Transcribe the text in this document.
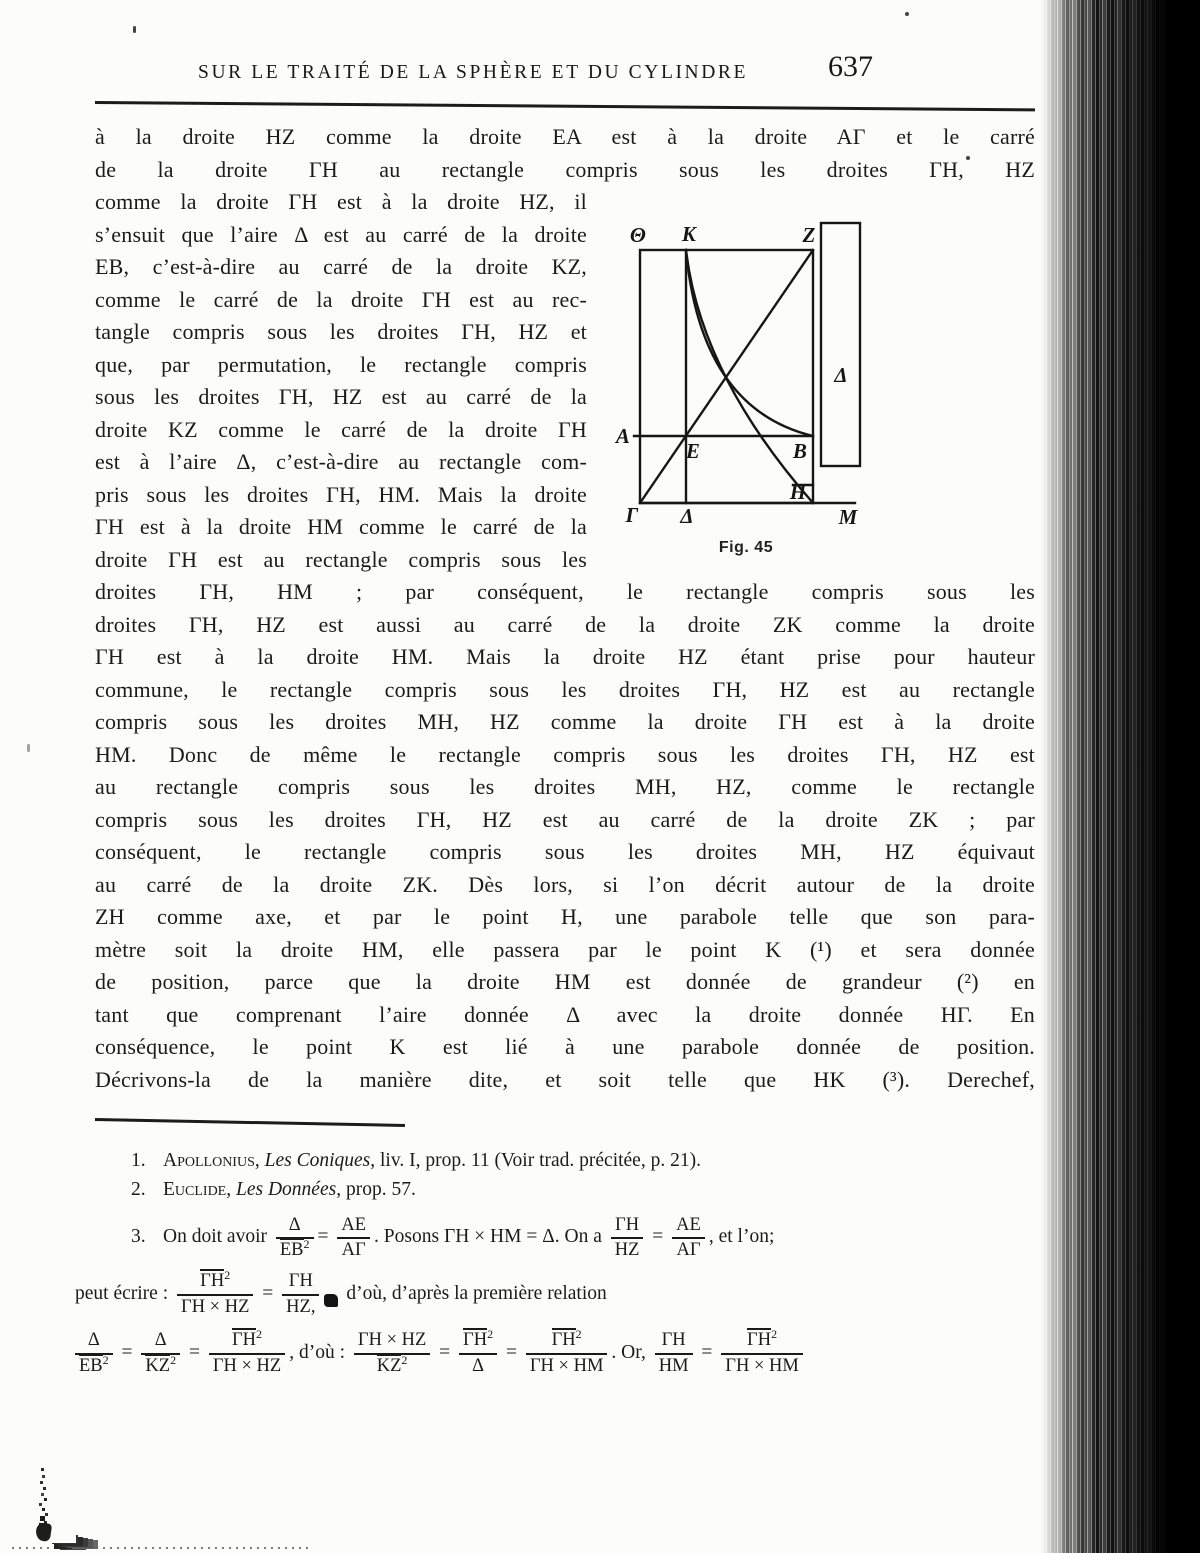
SUR LE TRAITÉ DE LA SPHÈRE ET DU CYLINDRE	637
à la droite HZ comme la droite EA est à la droite AΓ et le carré
de la droite ΓH au rectangle compris sous les droites ΓH, HZ
comme la droite ΓH est à la droite HZ, il
s’ensuit que l’aire Δ est au carré de la droite
EB, c’est-à-dire au carré de la droite KZ,
comme le carré de la droite ΓH est au rec-
tangle compris sous les droites ΓH, HZ et
que, par permutation, le rectangle compris
sous les droites ΓH, HZ est au carré de la
droite KZ comme le carré de la droite ΓH
est à l’aire Δ, c’est-à-dire au rectangle com-
pris sous les droites ΓH, HM. Mais la droite
ΓH est à la droite HM comme le carré de la
droite ΓH est au rectangle compris sous les
Θ K	Z
A
E	B
H
Γ Δ	M
Δ
Fig. 45
droites ΓH, HM ; par conséquent, le rectangle compris sous les
droites ΓH, HZ est aussi au carré de la droite ZK comme la droite
ΓH est à la droite HM. Mais la droite HZ étant prise pour hauteur
commune, le rectangle compris sous les droites ΓH, HZ est au rectangle
compris sous les droites MH, HZ comme la droite ΓH est à la droite
HM. Donc de même le rectangle compris sous les droites ΓH, HZ est
au rectangle compris sous les droites MH, HZ, comme le rectangle
compris sous les droites ΓH, HZ est au carré de la droite ZK ; par
conséquent, le rectangle compris sous les droites MH, HZ équivaut
au carré de la droite ZK. Dès lors, si l’on décrit autour de la droite
ZH comme axe, et par le point H, une parabole telle que son para-
mètre soit la droite HM, elle passera par le point K (¹) et sera donnée
de position, parce que la droite HM est donnée de grandeur (²) en
tant que comprenant l’aire donnée Δ avec la droite donnée HΓ. En
conséquence, le point K est lié à une parabole donnée de position.
Décrivons-la de la manière dite, et soit telle que HK (³). Derechef,
1. Apollonius, Les Coniques, liv. I, prop. 11 (Voir trad. précitée, p. 21).
2. Euclide, Les Données, prop. 57.
3. On doit avoir $\frac{\Delta}{EB^2} = \frac{AE}{A\Gamma}$ . Posons ΓH × HM = Δ. On a $\frac{\Gamma H}{HZ} = \frac{AE}{A\Gamma}$ , et l’on;
peut écrire : $\frac{\Gamma H^2}{\Gamma H \times HZ} = \frac{\Gamma H}{HZ,}$ d’où, d’après la première relation
$\frac{\Delta}{EB^2} = \frac{\Delta}{KZ^2} = \frac{\Gamma H^2}{\Gamma H \times HZ}$ , d’où : $\frac{\Gamma H \times HZ}{KZ^2} = \frac{\Gamma H^2}{\Delta} = \frac{\Gamma H^2}{\Gamma H \times HM}$ . Or, $\frac{\Gamma H}{HM} = \frac{\Gamma H^2}{\Gamma H \times HM}$
